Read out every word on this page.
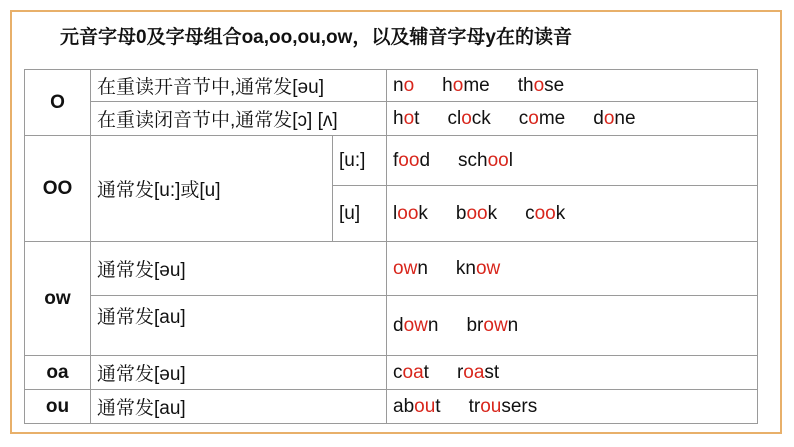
元音字母0及字母组合oa,oo,ou,ow，以及辅音字母y在的读音
O	在重读开音节中,通常发[əu]		no home those
	在重读闭音节中,通常发[ɔ] [ʌ]		hot clock come done
OO	通常发[u:]或[u]	[u:]	food school
		[u]	look book cook
ow	通常发[əu]		own know
	通常发[au]		down brown
oa	通常发[əu]		coat roast
ou	通常发[au]		about trousers
